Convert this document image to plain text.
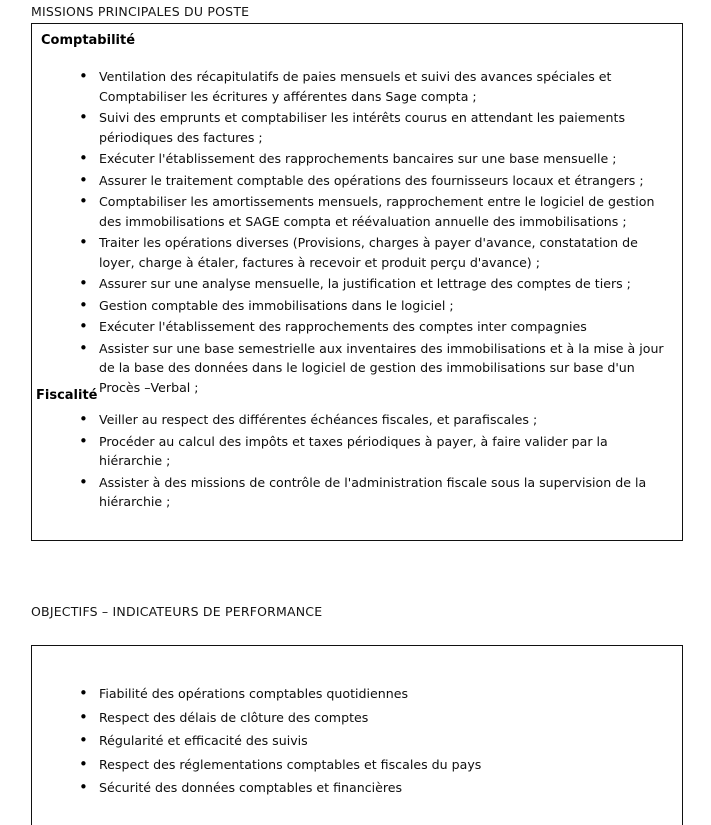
MISSIONS PRINCIPALES DU POSTE
Comptabilité
• Ventilation des récapitulatifs de paies mensuels et suivi des avances spéciales et Comptabiliser les écritures y afférentes dans Sage compta ;
• Suivi des emprunts et comptabiliser les intérêts courus en attendant les paiements périodiques des factures ;
• Exécuter l'établissement des rapprochements bancaires sur une base mensuelle ;
• Assurer le traitement comptable des opérations des fournisseurs locaux et étrangers ;
• Comptabiliser les amortissements mensuels, rapprochement entre le logiciel de gestion des immobilisations et SAGE compta et réévaluation annuelle des immobilisations ;
• Traiter les opérations diverses (Provisions, charges à payer d'avance, constatation de loyer, charge à étaler, factures à recevoir et produit perçu d'avance) ;
• Assurer sur une analyse mensuelle, la justification et lettrage des comptes de tiers ;
• Gestion comptable des immobilisations dans le logiciel ;
• Exécuter l'établissement des rapprochements des comptes inter compagnies
• Assister sur une base semestrielle aux inventaires des immobilisations et à la mise à jour de la base des données dans le logiciel de gestion des immobilisations sur base d'un Procès –Verbal ;
Fiscalité
• Veiller au respect des différentes échéances fiscales, et parafiscales ;
• Procéder au calcul des impôts et taxes périodiques à payer, à faire valider par la hiérarchie ;
• Assister à des missions de contrôle de l'administration fiscale sous la supervision de la hiérarchie ;
OBJECTIFS – INDICATEURS DE PERFORMANCE
• Fiabilité des opérations comptables quotidiennes
• Respect des délais de clôture des comptes
• Régularité et efficacité des suivis
• Respect des réglementations comptables et fiscales du pays
• Sécurité des données comptables et financières
